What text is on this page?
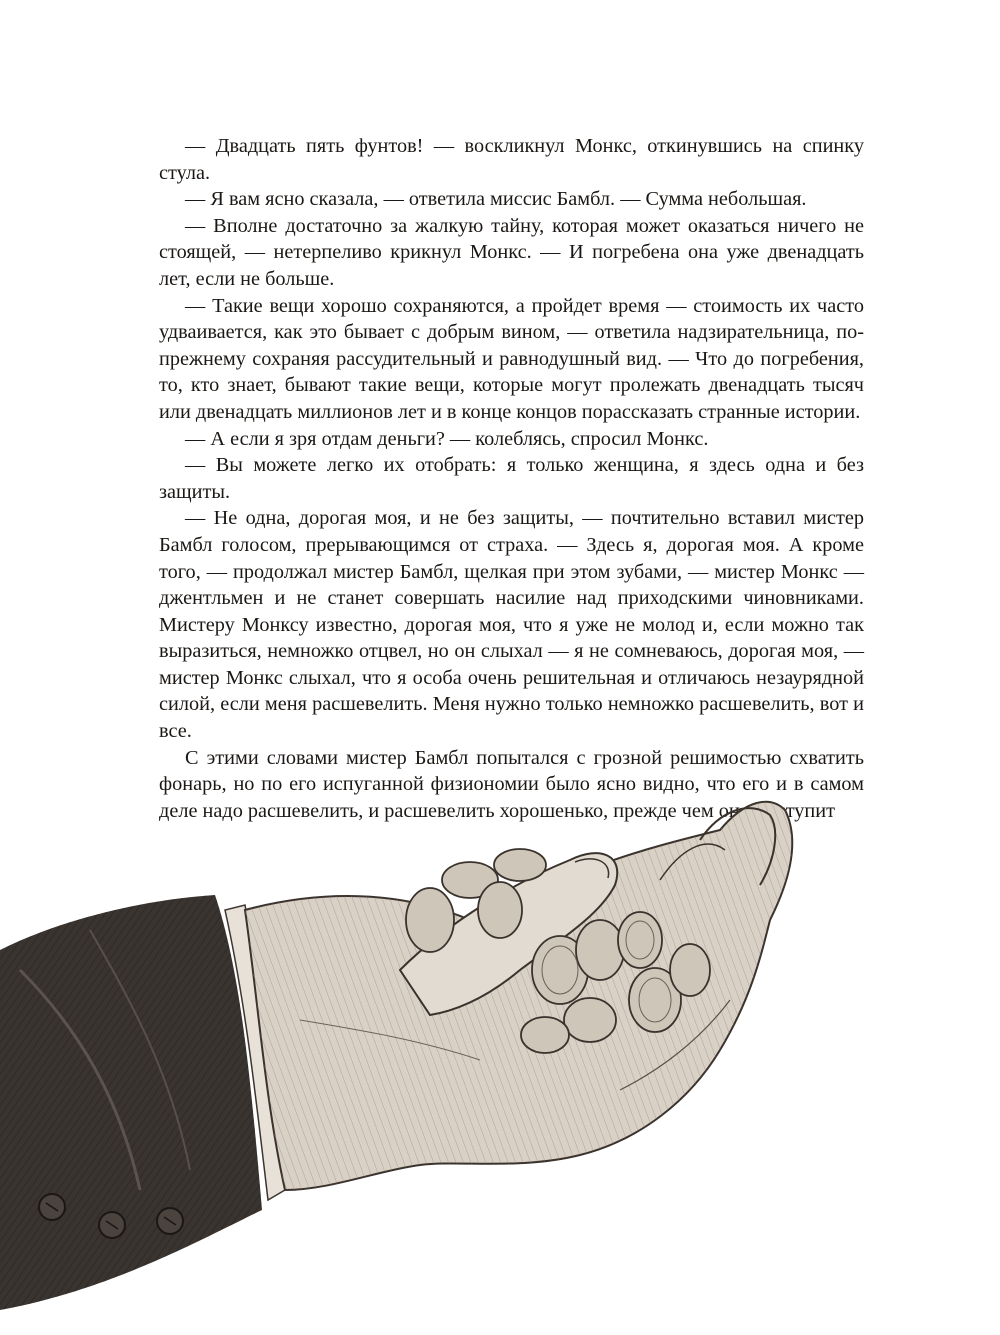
— Двадцать пять фунтов! — воскликнул Монкс, откинувшись на спинку стула.

— Я вам ясно сказала, — ответила миссис Бамбл. — Сумма небольшая.

— Вполне достаточно за жалкую тайну, которая может оказаться ничего не стоящей, — нетерпеливо крикнул Монкс. — И погребена она уже двенадцать лет, если не больше.

— Такие вещи хорошо сохраняются, а пройдет время — стоимость их часто удваивается, как это бывает с добрым вином, — ответила надзирательница, по-прежнему сохраняя рассудительный и равнодушный вид. — Что до погребения, то, кто знает, бывают такие вещи, которые могут пролежать двенадцать тысяч или двенадцать миллионов лет и в конце концов порассказать странные истории.

— А если я зря отдам деньги? — колеблясь, спросил Монкс.

— Вы можете легко их отобрать: я только женщина, я здесь одна и без защиты.

— Не одна, дорогая моя, и не без защиты, — почтительно вставил мистер Бамбл голосом, прерывающимся от страха. — Здесь я, дорогая моя. А кроме того, — продолжал мистер Бамбл, щелкая при этом зубами, — мистер Монкс — джентльмен и не станет совершать насилие над приходскими чиновниками. Мистеру Монксу известно, дорогая моя, что я уже не молод и, если можно так выразиться, немножко отцвел, но он слыхал — я не сомневаюсь, дорогая моя, — мистер Монкс слыхал, что я особа очень решительная и отличаюсь незаурядной силой, если меня расшевелить. Меня нужно только немножко расшевелить, вот и все.

С этими словами мистер Бамбл попытался с грозной решимостью схватить фонарь, но по его испуганной физиономии было ясно видно, что его и в самом деле надо расшевелить, и расшевелить хорошенько, прежде чем он приступит
